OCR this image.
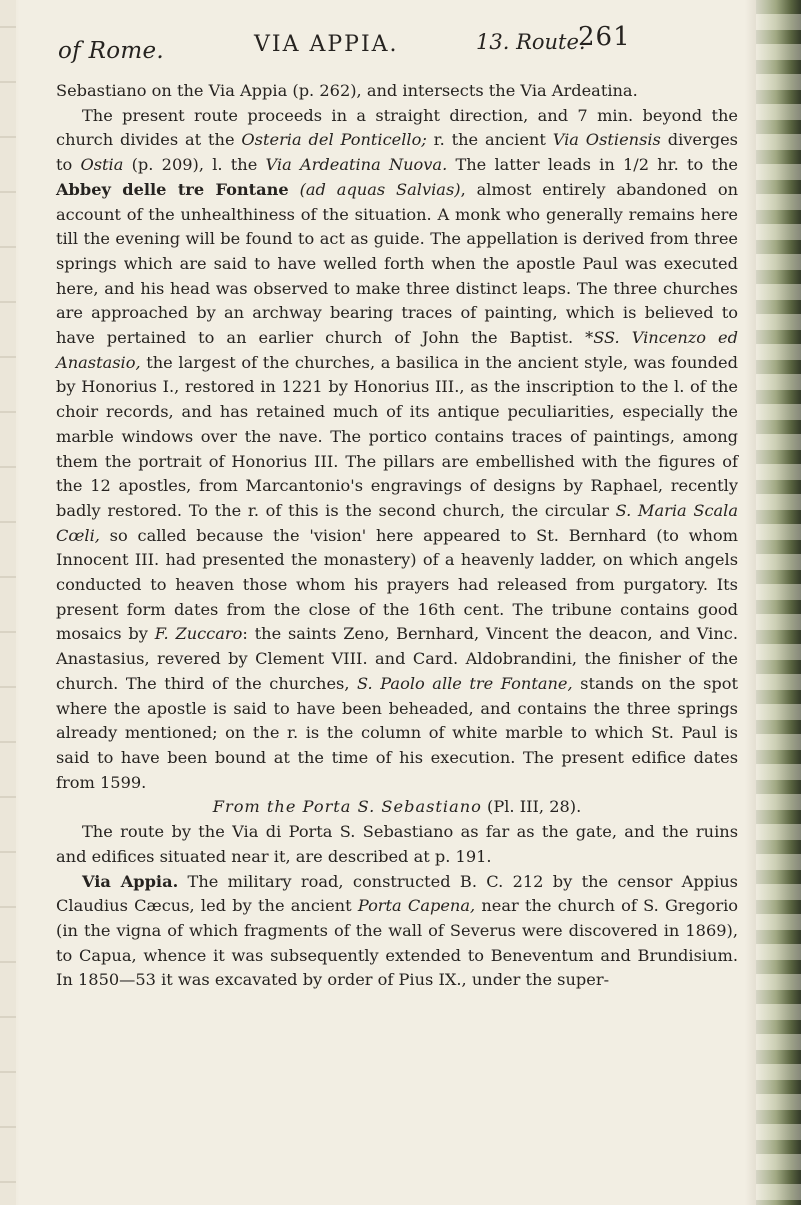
of Rome.	VIA APPIA.	13. Route.
261

Sebastiano on the Via Appia (p. 262), and intersects the Via Ardeatina.

The present route proceeds in a straight direction, and 7 min. beyond the church divides at the Osteria del Ponticello; r. the ancient Via Ostiensis diverges to Ostia (p. 209), l. the Via Ardeatina Nuova. The latter leads in 1/2 hr. to the Abbey delle tre Fontane (ad aquas Salvias), almost entirely abandoned on account of the unhealthiness of the situation. A monk who generally remains here till the evening will be found to act as guide. The appellation is derived from three springs which are said to have welled forth when the apostle Paul was executed here, and his head was observed to make three distinct leaps. The three churches are approached by an archway bearing traces of painting, which is believed to have pertained to an earlier church of John the Baptist. *SS. Vincenzo ed Anastasio, the largest of the churches, a basilica in the ancient style, was founded by Honorius I., restored in 1221 by Honorius III., as the inscription to the l. of the choir records, and has retained much of its antique peculiarities, especially the marble windows over the nave. The portico contains traces of paintings, among them the portrait of Honorius III. The pillars are embellished with the figures of the 12 apostles, from Marcantonio's engravings of designs by Raphael, recently badly restored. To the r. of this is the second church, the circular S. Maria Scala Cœli, so called because the 'vision' here appeared to St. Bernhard (to whom Innocent III. had presented the monastery) of a heavenly ladder, on which angels conducted to heaven those whom his prayers had released from purgatory. Its present form dates from the close of the 16th cent. The tribune contains good mosaics by F. Zuccaro: the saints Zeno, Bernhard, Vincent the deacon, and Vinc. Anastasius, revered by Clement VIII. and Card. Aldobrandini, the finisher of the church. The third of the churches, S. Paolo alle tre Fontane, stands on the spot where the apostle is said to have been beheaded, and contains the three springs already mentioned; on the r. is the column of white marble to which St. Paul is said to have been bound at the time of his execution. The present edifice dates from 1599.

From the Porta S. Sebastiano (Pl. III, 28).

The route by the Via di Porta S. Sebastiano as far as the gate, and the ruins and edifices situated near it, are described at p. 191.

Via Appia. The military road, constructed B. C. 212 by the censor Appius Claudius Cæcus, led by the ancient Porta Capena, near the church of S. Gregorio (in the vigna of which fragments of the wall of Severus were discovered in 1869), to Capua, whence it was subsequently extended to Beneventum and Brundisium. In 1850—53 it was excavated by order of Pius IX., under the super-
